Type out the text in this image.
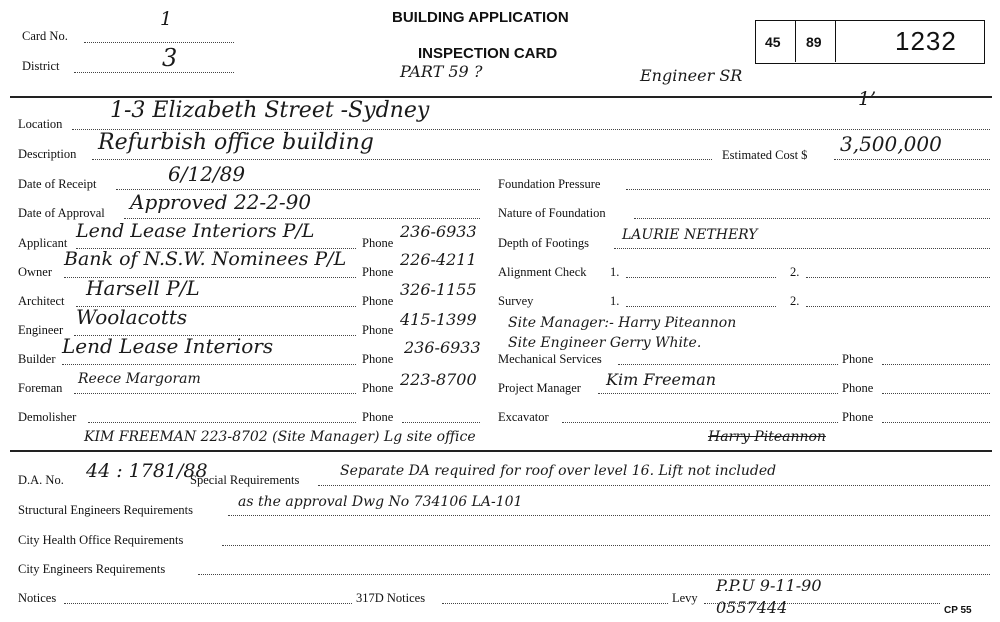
Card No.
1
District	3
BUILDING APPLICATION
INSPECTION CARD
PART 59 ?	Engineer SR
45 89	1232
1’
Location
1-3 Elizabeth Street -Sydney
Description Refurbish office building	Estimated Cost $ 3,500,000
Date of Receipt	6/12/89
Date of Approval Approved 22-2-90
Applicant
Lend Lease Interiors P/L
Phone
236-6933
Owner
Bank of N.S.W. Nominees P/L
Phone
226-4211
Architect
Harsell P/L
Phone
326-1155
Engineer
Woolacotts
Phone
415-1399
Builder
Lend Lease Interiors
Phone
236-6933
Foreman
Reece Margoram
Phone 223-8700
Demolisher	Phone
Foundation Pressure
Nature of Foundation
Depth of Footings LAURIE NETHERY
Alignment Check 1.	2.
Survey	1.	2.
Site Manager:- Harry Piteannon
Site Engineer Gerry White.
Mechanical Services	Phone
Project Manager Kim Freeman	Phone
Excavator	Phone
KIM FREEMAN 223-8702 (Site Manager) Lg site office	Harry Piteannon
D.A. No. 44 : 1781/88
Special Requirements
Separate DA required for roof over level 16. Lift not included
Structural Engineers Requirements	as the approval Dwg No 734106 LA-101
City Health Office Requirements
City Engineers Requirements
Notices	317D Notices	Levy
P.P.U 9-11-90
0557444	CP 55
